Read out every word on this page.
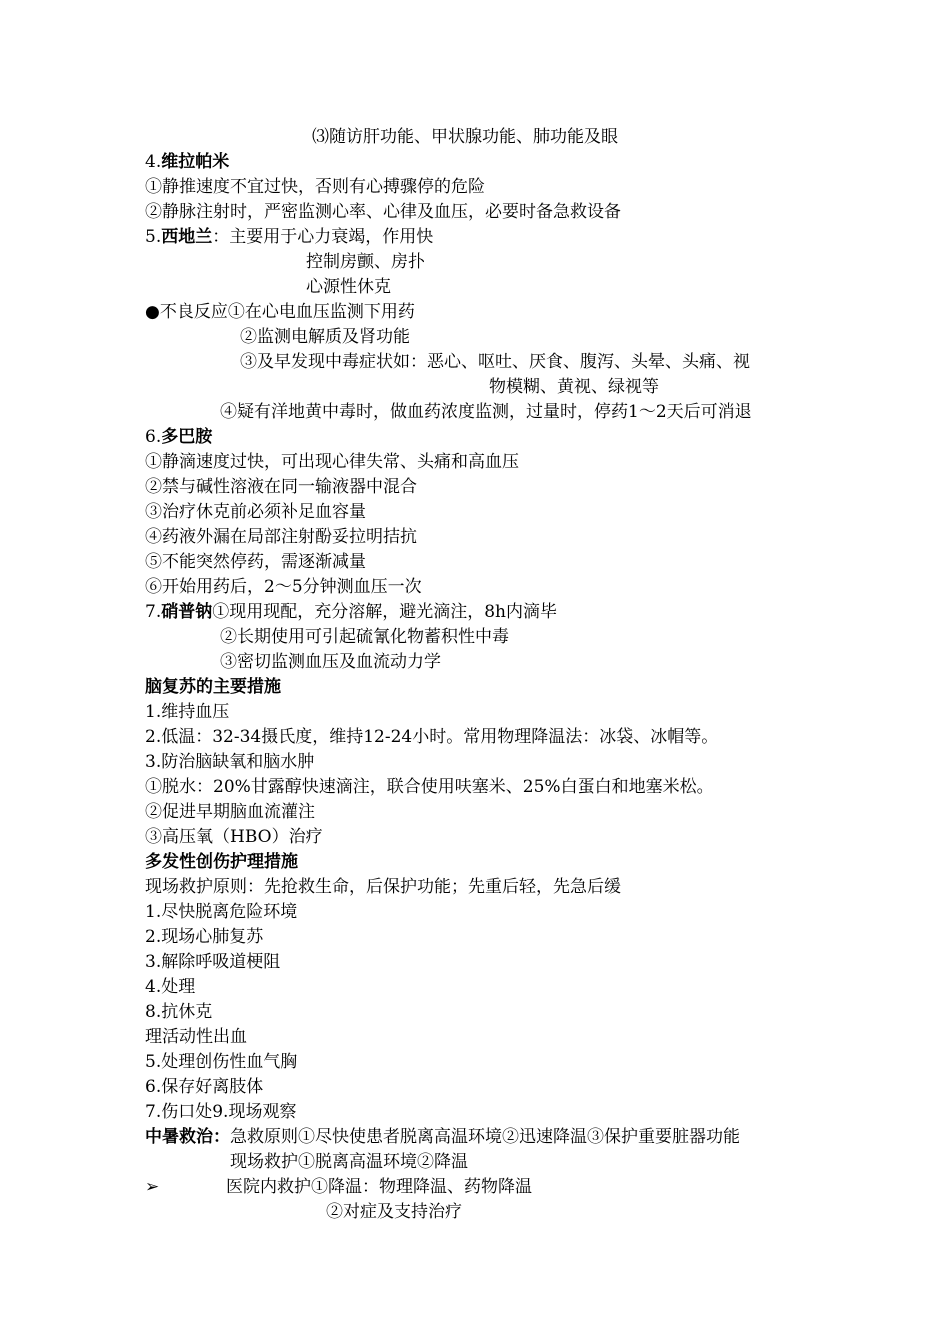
⑶随访肝功能、甲状腺功能、肺功能及眼
4.维拉帕米
①静推速度不宜过快，否则有心搏骤停的危险
②静脉注射时，严密监测心率、心律及血压，必要时备急救设备
5.西地兰：主要用于心力衰竭，作用快
控制房颤、房扑
心源性休克
●不良反应①在心电血压监测下用药
②监测电解质及肾功能
③及早发现中毒症状如：恶心、呕吐、厌食、腹泻、头晕、头痛、视
物模糊、黄视、绿视等
④疑有洋地黄中毒时，做血药浓度监测，过量时，停药1～2天后可消退
6.多巴胺
①静滴速度过快，可出现心律失常、头痛和高血压
②禁与碱性溶液在同一输液器中混合
③治疗休克前必须补足血容量
④药液外漏在局部注射酚妥拉明拮抗
⑤不能突然停药，需逐渐减量
⑥开始用药后，2～5分钟测血压一次
7.硝普钠①现用现配，充分溶解，避光滴注，8h内滴毕
②长期使用可引起硫氰化物蓄积性中毒
③密切监测血压及血流动力学
脑复苏的主要措施
1.维持血压
2.低温：32-34摄氏度，维持12-24小时。常用物理降温法：冰袋、冰帽等。
3.防治脑缺氧和脑水肿
①脱水：20%甘露醇快速滴注，联合使用呋塞米、25%白蛋白和地塞米松。
②促进早期脑血流灌注
③高压氧（HBO）治疗
多发性创伤护理措施
现场救护原则：先抢救生命，后保护功能；先重后轻，先急后缓
1.尽快脱离危险环境
2.现场心肺复苏
3.解除呼吸道梗阻
4.处理
8.抗休克
理活动性出血
5.处理创伤性血气胸
6.保存好离肢体
7.伤口处9.现场观察
中暑救治：急救原则①尽快使患者脱离高温环境②迅速降温③保护重要脏器功能
现场救护①脱离高温环境②降温
➢	医院内救护①降温：物理降温、药物降温
②对症及支持治疗
